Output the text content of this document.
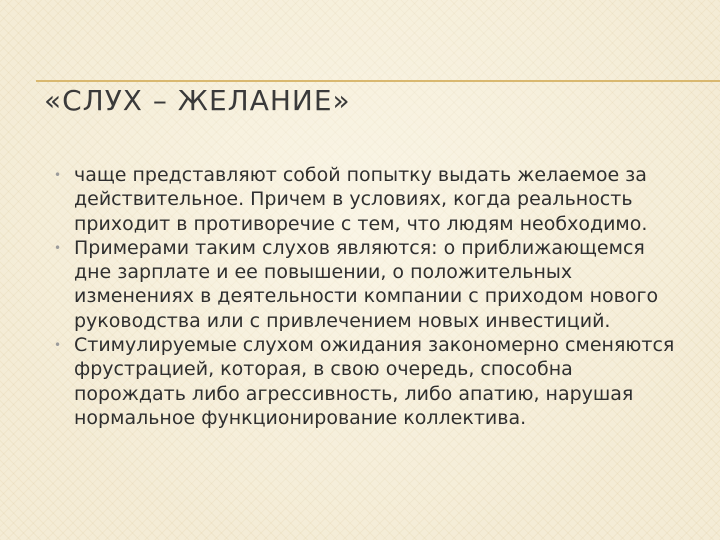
«СЛУХ – ЖЕЛАНИЕ»
• чаще представляют собой попытку выдать желаемое за действительное. Причем в условиях, когда реальность приходит в противоречие с тем, что людям необходимо.
• Примерами таким слухов являются: о приближающемся дне зарплате и ее повышении, о положительных изменениях в деятельности компании с приходом нового руководства или с привлечением новых инвестиций.
• Стимулируемые слухом ожидания закономерно сменяются фрустрацией, которая, в свою очередь, способна порождать либо агрессивность, либо апатию, нарушая нормальное функционирование коллектива.
